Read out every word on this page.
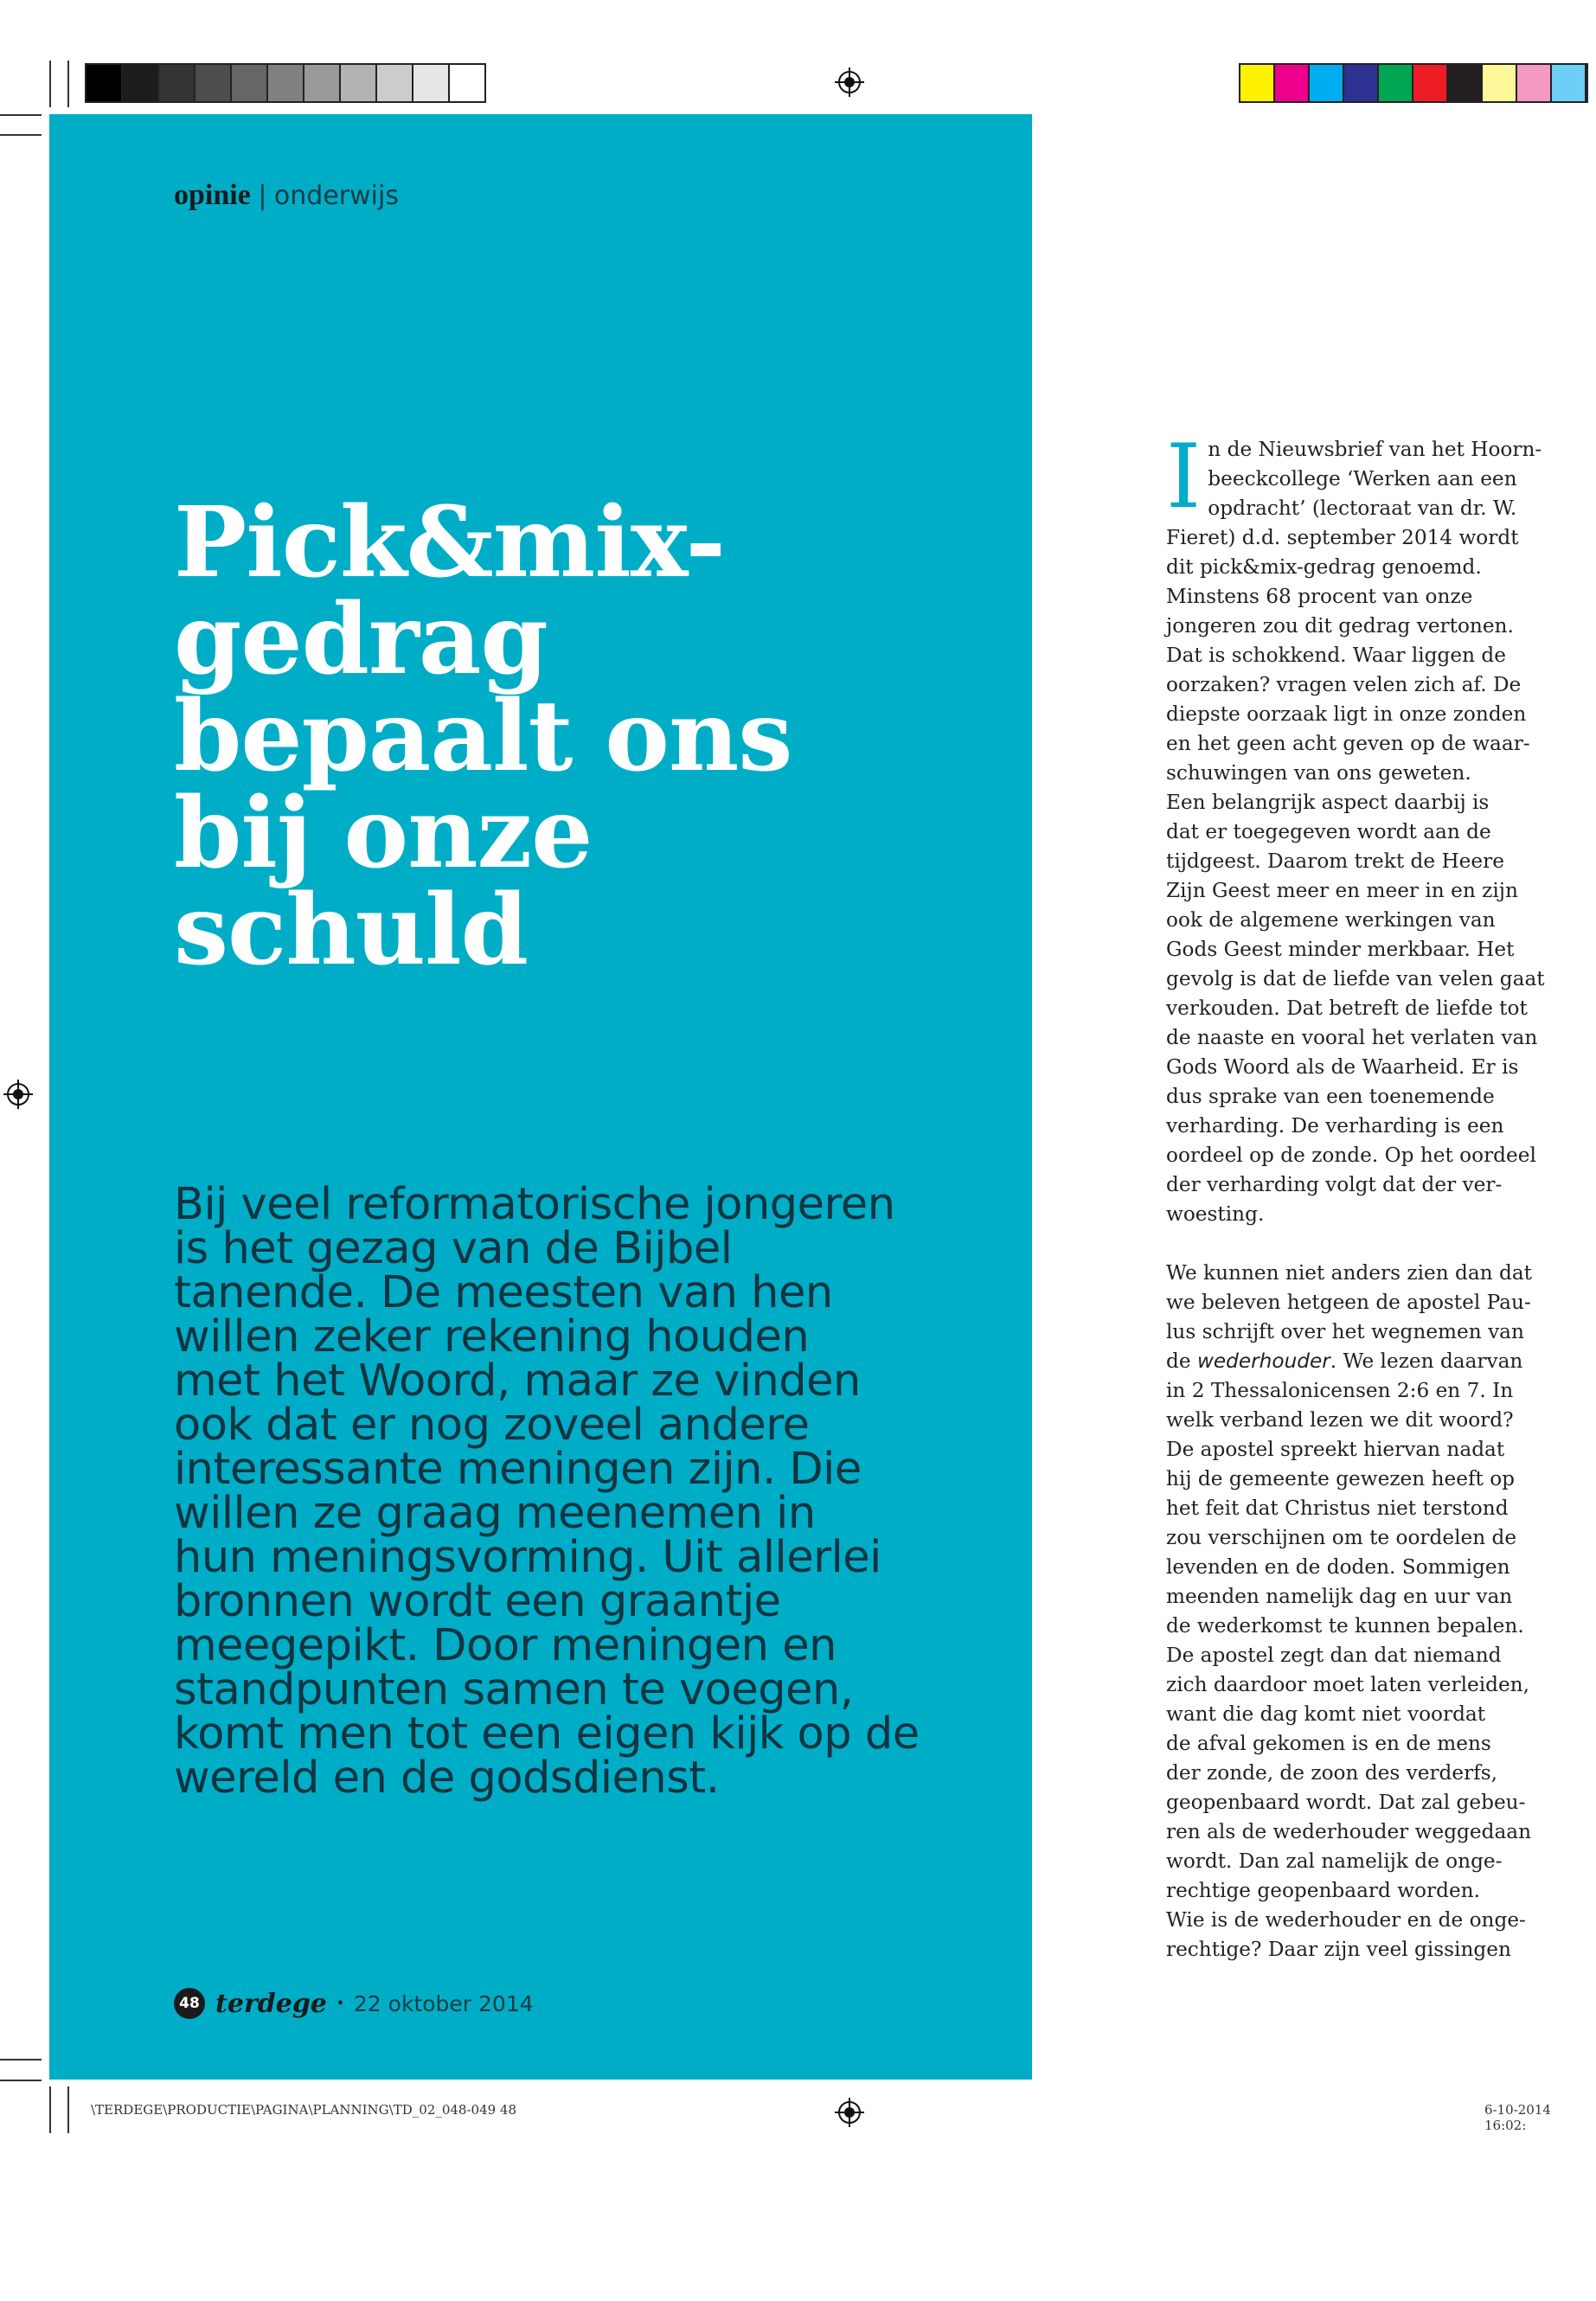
opinie | onderwijs
Pick&mix-
gedrag
bepaalt ons
bij onze
schuld

Bij veel reformatorische jongeren
is het gezag van de Bijbel
tanende. De meesten van hen
willen zeker rekening houden
met het Woord, maar ze vinden
ook dat er nog zoveel andere
interessante meningen zijn. Die
willen ze graag meenemen in
hun meningsvorming. Uit allerlei
bronnen wordt een graantje
meegepikt. Door meningen en
standpunten samen te voegen,
komt men tot een eigen kijk op de
wereld en de godsdienst.

48 terdege • 22 oktober 2014
I n de Nieuwsbrief van het Hoorn-
beeckcollege ‘Werken aan een
opdracht’ (lectoraat van dr. W.
Fieret) d.d. september 2014 wordt
dit pick&mix-gedrag genoemd.
Minstens 68 procent van onze
jongeren zou dit gedrag vertonen.
Dat is schokkend. Waar liggen de
oorzaken? vragen velen zich af. De
diepste oorzaak ligt in onze zonden
en het geen acht geven op de waar-
schuwingen van ons geweten.
Een belangrijk aspect daarbij is
dat er toegegeven wordt aan de
tijdgeest. Daarom trekt de Heere
Zijn Geest meer en meer in en zijn
ook de algemene werkingen van
Gods Geest minder merkbaar. Het
gevolg is dat de liefde van velen gaat
verkouden. Dat betreft de liefde tot
de naaste en vooral het verlaten van
Gods Woord als de Waarheid. Er is
dus sprake van een toenemende
verharding. De verharding is een
oordeel op de zonde. Op het oordeel
der verharding volgt dat der ver-
woesting.
We kunnen niet anders zien dan dat
we beleven hetgeen de apostel Pau-
lus schrijft over het wegnemen van
de wederhouder. We lezen daarvan
in 2 Thessalonicensen 2:6 en 7. In
welk verband lezen we dit woord?
De apostel spreekt hiervan nadat
hij de gemeente gewezen heeft op
het feit dat Christus niet terstond
zou verschijnen om te oordelen de
levenden en de doden. Sommigen
meenden namelijk dag en uur van
de wederkomst te kunnen bepalen.
De apostel zegt dan dat niemand
zich daardoor moet laten verleiden,
want die dag komt niet voordat
de afval gekomen is en de mens
der zonde, de zoon des verderfs,
geopenbaard wordt. Dat zal gebeu-
ren als de wederhouder weggedaan
wordt. Dan zal namelijk de onge-
rechtige geopenbaard worden.
Wie is de wederhouder en de onge-
rechtige? Daar zijn veel gissingen
\TERDEGE\PRODUCTIE\PAGINA\PLANNING\TD_02_048-049 48	6-10-2014 16:02:
